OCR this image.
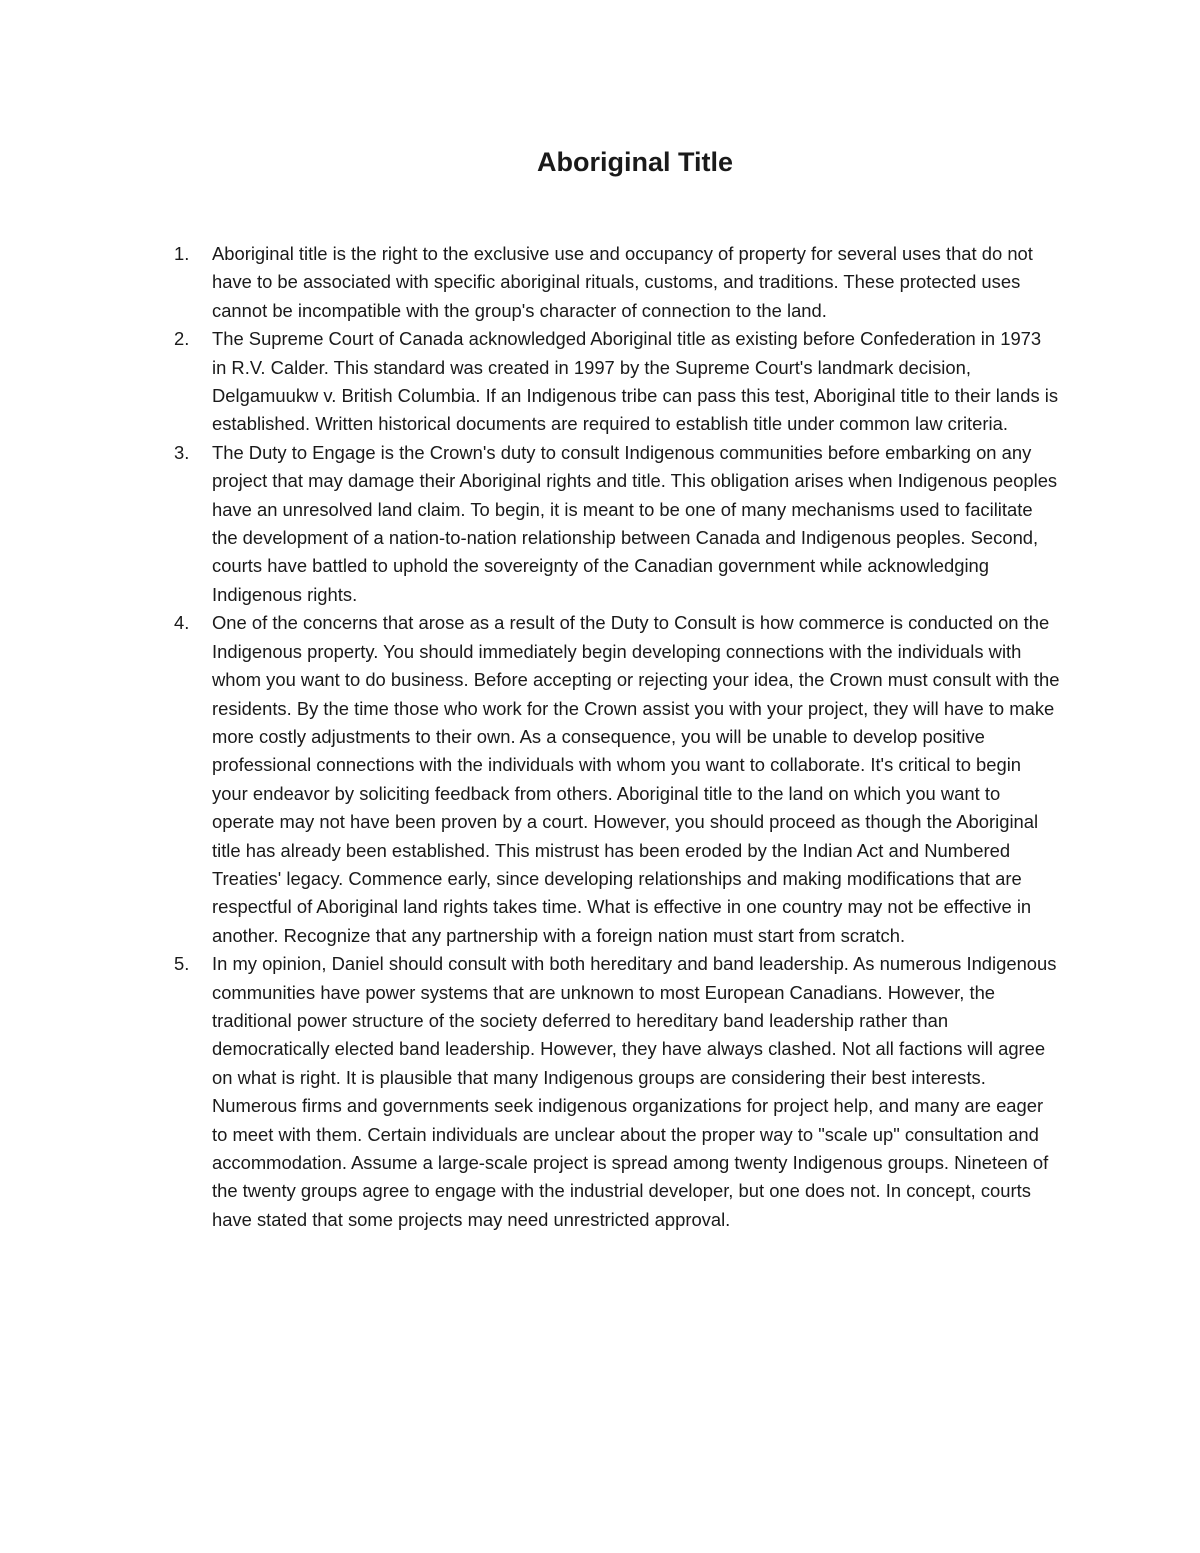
Aboriginal Title
1.	Aboriginal title is the right to the exclusive use and occupancy of property for several uses that do not have to be associated with specific aboriginal rituals, customs, and traditions. These protected uses cannot be incompatible with the group's character of connection to the land.
2.	The Supreme Court of Canada acknowledged Aboriginal title as existing before Confederation in 1973 in R.V. Calder. This standard was created in 1997 by the Supreme Court's landmark decision, Delgamuukw v. British Columbia. If an Indigenous tribe can pass this test, Aboriginal title to their lands is established. Written historical documents are required to establish title under common law criteria.
3.	The Duty to Engage is the Crown's duty to consult Indigenous communities before embarking on any project that may damage their Aboriginal rights and title. This obligation arises when Indigenous peoples have an unresolved land claim. To begin, it is meant to be one of many mechanisms used to facilitate the development of a nation-to-nation relationship between Canada and Indigenous peoples. Second, courts have battled to uphold the sovereignty of the Canadian government while acknowledging Indigenous rights.
4.	One of the concerns that arose as a result of the Duty to Consult is how commerce is conducted on the Indigenous property. You should immediately begin developing connections with the individuals with whom you want to do business. Before accepting or rejecting your idea, the Crown must consult with the residents. By the time those who work for the Crown assist you with your project, they will have to make more costly adjustments to their own. As a consequence, you will be unable to develop positive professional connections with the individuals with whom you want to collaborate. It's critical to begin your endeavor by soliciting feedback from others. Aboriginal title to the land on which you want to operate may not have been proven by a court. However, you should proceed as though the Aboriginal title has already been established. This mistrust has been eroded by the Indian Act and Numbered Treaties' legacy. Commence early, since developing relationships and making modifications that are respectful of Aboriginal land rights takes time. What is effective in one country may not be effective in another. Recognize that any partnership with a foreign nation must start from scratch.
5.	In my opinion, Daniel should consult with both hereditary and band leadership. As numerous Indigenous communities have power systems that are unknown to most European Canadians. However, the traditional power structure of the society deferred to hereditary band leadership rather than democratically elected band leadership. However, they have always clashed. Not all factions will agree on what is right. It is plausible that many Indigenous groups are considering their best interests. Numerous firms and governments seek indigenous organizations for project help, and many are eager to meet with them. Certain individuals are unclear about the proper way to "scale up" consultation and accommodation. Assume a large-scale project is spread among twenty Indigenous groups. Nineteen of the twenty groups agree to engage with the industrial developer, but one does not. In concept, courts have stated that some projects may need unrestricted approval.
